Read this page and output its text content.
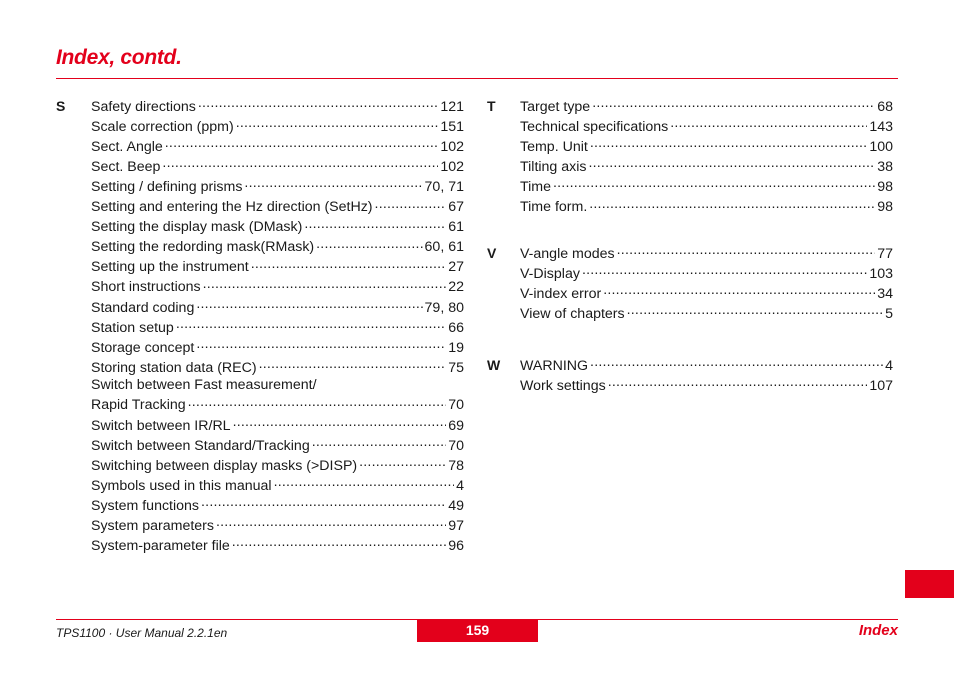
Index, contd.
S Safety directions .....	121
Scale correction (ppm) .....	151
Sect. Angle .....	102
Sect. Beep .....	102
Setting / defining prisms .....	70, 71
Setting and entering the Hz direction (SetHz) .....	67
Setting the display mask (DMask) .....	61
Setting the redording mask(RMask) .....	60, 61
Setting up the instrument .....	27
Short instructions .....	22
Standard coding .....	79, 80
Station setup .....	66
Storage concept .....	19
Storing station data (REC) .....	75
Switch between Fast measurement/
Rapid Tracking .....	70
Switch between IR/RL .....	69
Switch between Standard/Tracking .....	70
Switching between display masks (>DISP) .....	78
Symbols used in this manual .....	4
System functions .....	49
System parameters .....	97
System-parameter file .....	96
T Target type .....	68
Technical specifications .....	143
Temp. Unit .....	100
Tilting axis .....	38
Time .....	98
Time form. .....	98
V V-angle modes .....	77
V-Display .....	103
V-index error .....	34
View of chapters .....	5
W WARNING .....	4
Work settings .....	107
TPS1100 · User Manual 2.2.1en	159	Index
